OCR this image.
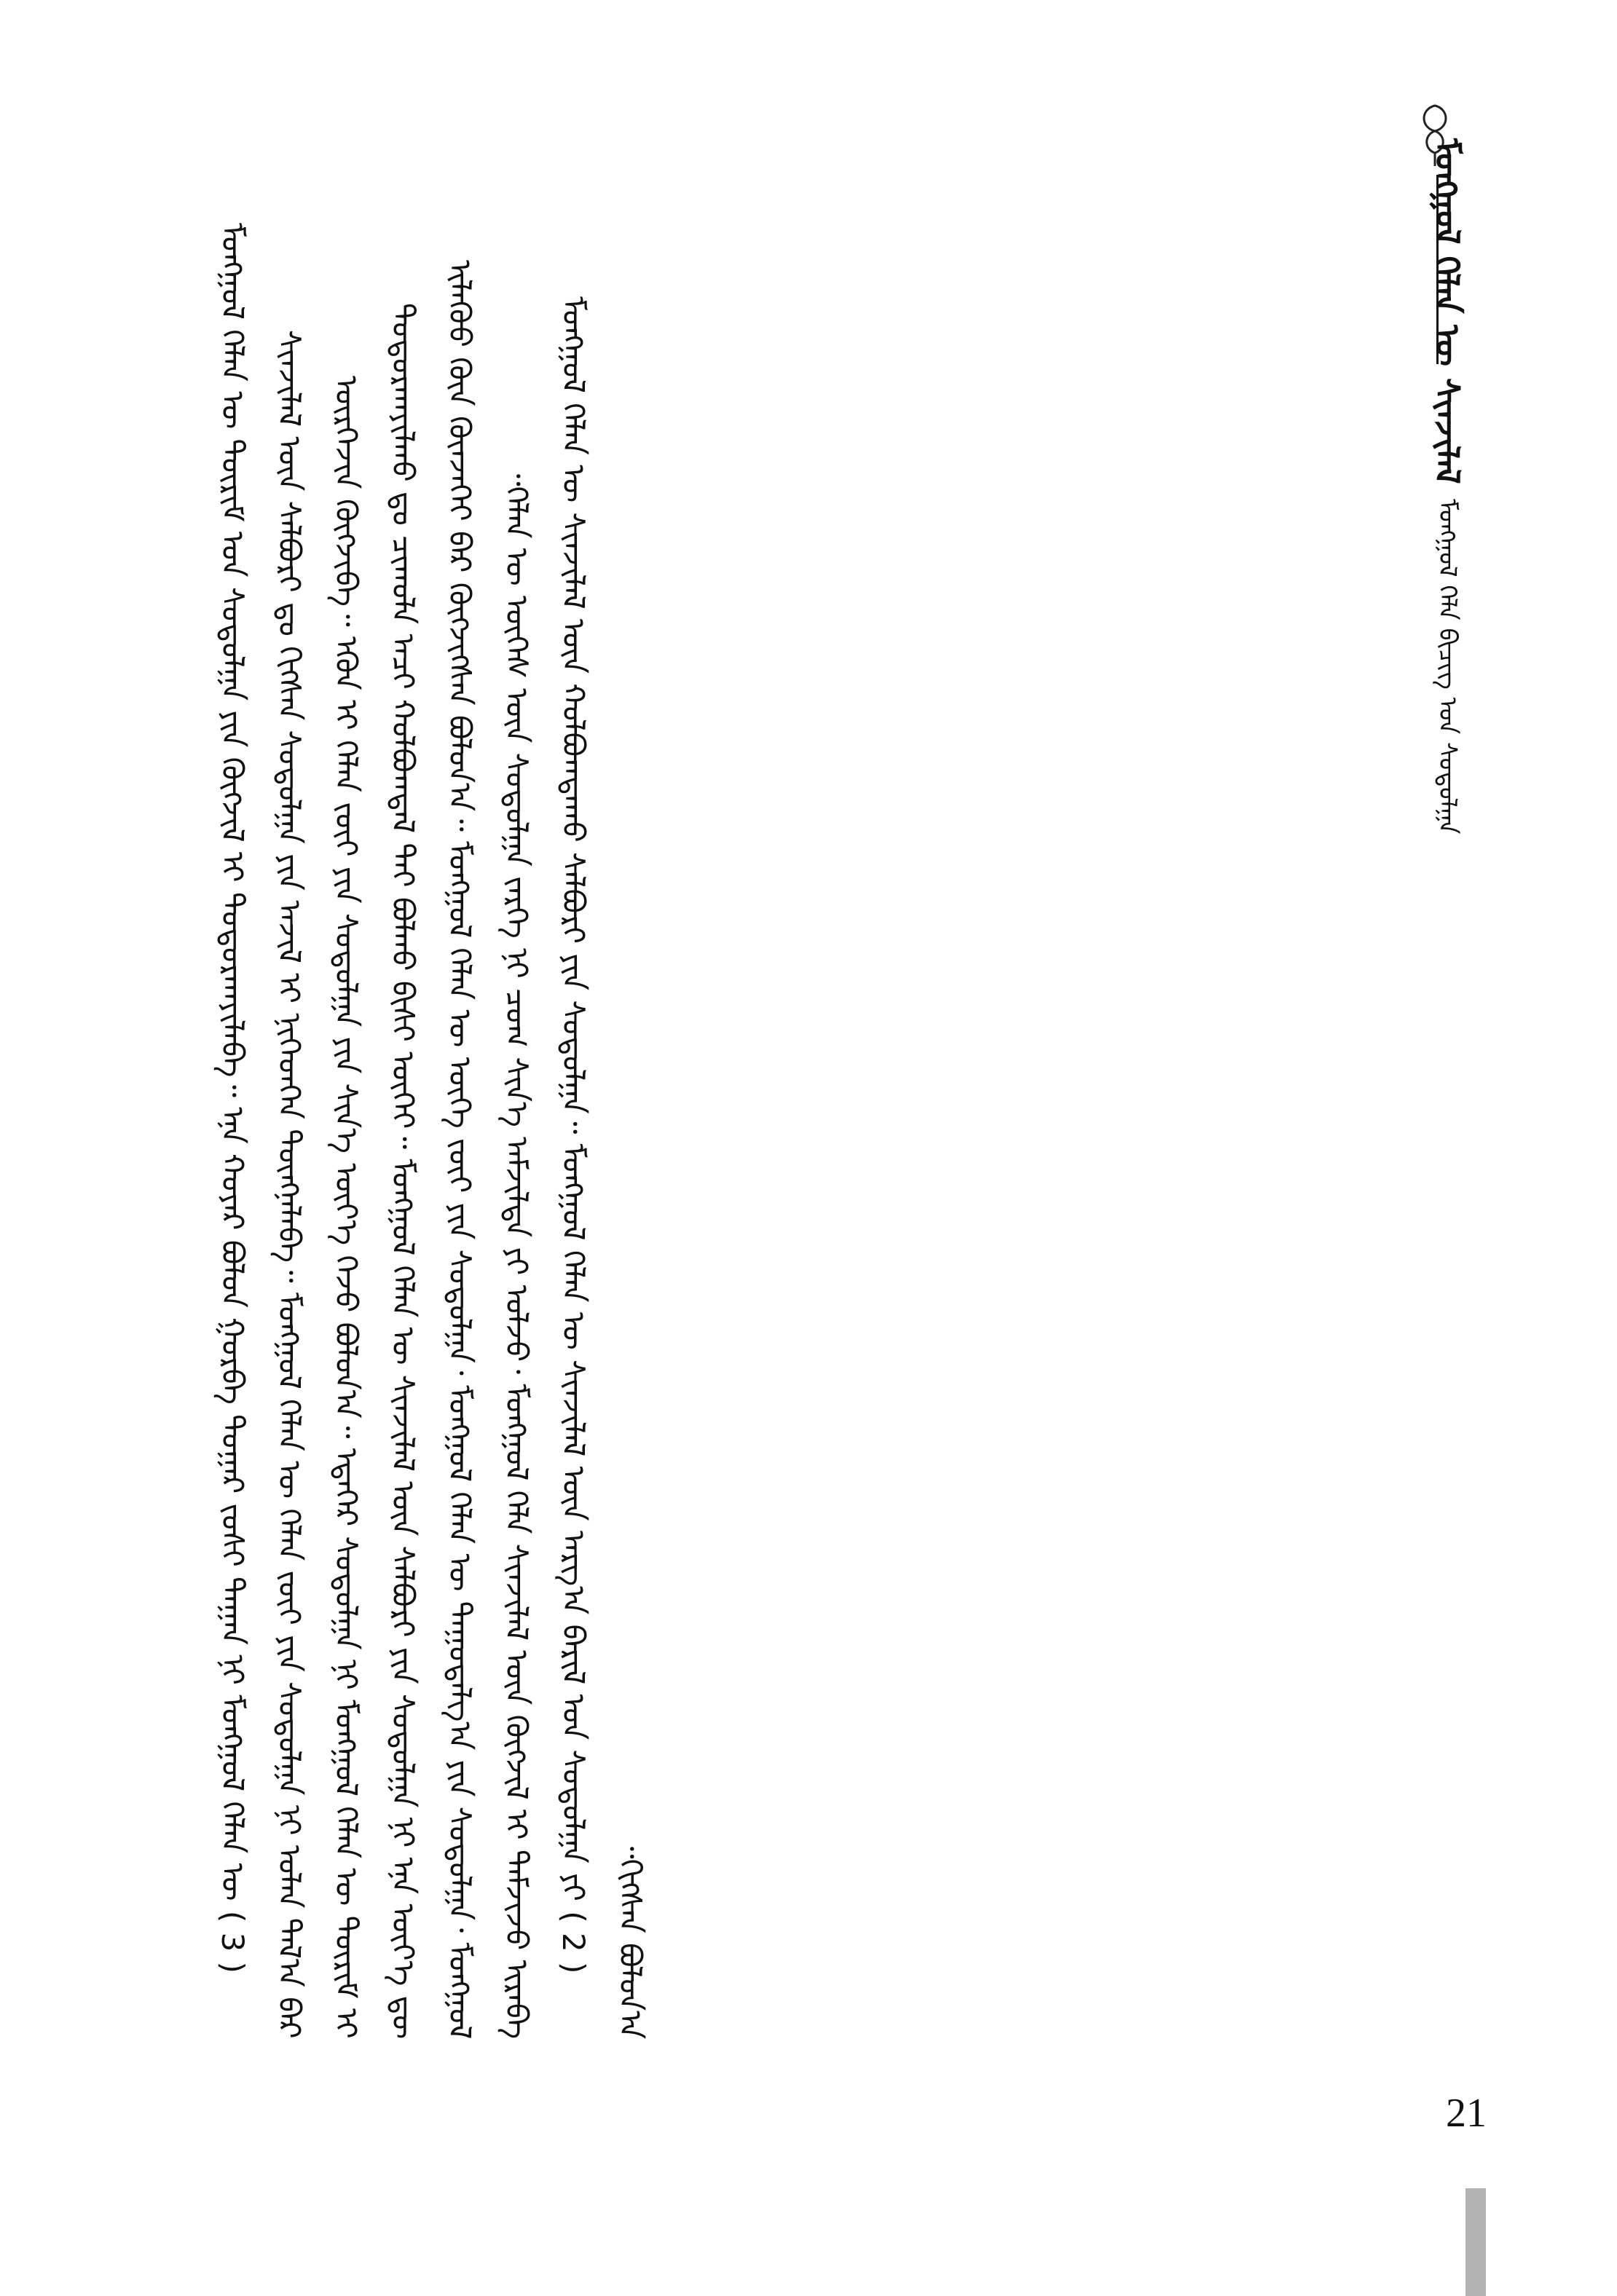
ᠮᠣᠩᠭᠣᠯ ᠬᠡᠯᠡᠨ ᠦ ᠰᠢᠨᠵᠢᠯᠡᠯ
ᠮᠣᠩᠭᠣᠯ ᠬᠡᠯᠡ ᠪᠢᠴᠢᠭ ᠤᠨ ᠰᠤᠳᠤᠯᠭᠠ

( 3 ) ᠮᠣᠩᠭᠣᠯ ᠬᠡᠯᠡᠨ ᠦ ᠳᠦᠷᠢᠮ ᠤᠨ ᠰᠤᠳᠤᠯᠭᠠ ᠶᠢᠨ ᠬᠥᠭᠵᠢᠯ ᠢ ᠲᠣᠳᠣᠷᠬᠠᠶᠢᠯᠠᠪᠠ᠃ ᠡᠨᠡ ᠬᠣᠶᠠᠷ ᠪᠣᠯᠤᠨ ᠭᠤᠷᠪᠠ ᠳᠤᠭᠠᠷ ᠵᠤᠰᠢ ᠳᠠᠭᠠᠨ ᠨᠢ ᠮᠣᠩᠭᠣᠯ ᠬᠡᠯᠡᠨ ᠦ ᠰᠢᠨᠵᠢᠯᠡᠯ ᠦᠨ ᠰᠠᠯᠪᠤᠷᠢ ᠳᠤ ᠬᠢᠭᠰᠡᠨ ᠰᠤᠳᠤᠯᠭᠠ ᠶᠢᠨ ᠠᠵᠢᠯ ᠢ ᠨᠢᠭᠡᠳᠬᠡᠨ ᠳᠦᠩᠨᠡᠯᠡᠪᠡ᠃ ᠮᠣᠩᠭᠣᠯ ᠬᠡᠯᠡᠨ ᠦ ᠬᠡᠯᠡᠨ ᠵᠦᠢ ᠶᠢᠨ ᠰᠤᠳᠤᠯᠭᠠ ᠨᠢ ᠣᠯᠠᠨ ᠲᠠᠯ᠎ᠠ ᠪᠡᠷ ᠥᠷᠭᠡᠵᠢᠨ ᠬᠥᠭᠵᠢᠪᠡ᠃ ᠡᠭᠦᠨ ᠢ ᠬᠡᠯᠡᠨ ᠵᠦᠢ ᠶᠢᠨ ᠰᠤᠳᠤᠯᠭᠠ ᠶᠢᠨ ᠰᠢᠨ᠎ᠡ ᠦᠶ᠎ᠡ ᠭᠡᠵᠦ ᠪᠣᠯᠤᠨ᠎ᠠ᠃ ᠡᠳᠡᠭᠡᠷ ᠰᠤᠳᠤᠯᠭᠠ ᠨᠢ ᠮᠣᠩᠭᠣᠯ ᠬᠡᠯᠡᠨ ᠦ ᠳᠦᠷᠢᠮ ᠢ ᠲᠣᠳᠣᠷᠬᠠᠶᠢᠯᠬᠤ ᠳᠤ ᠴᠢᠬᠤᠯᠠ ᠠᠴᠢ ᠬᠣᠯᠪᠣᠭᠳᠠᠯ ᠲᠠᠶ ᠪᠣᠯᠬᠤ ᠪᠢᠰᠢ ᠦᠭᠡᠢ᠃ ᠮᠣᠩᠭᠣᠯ ᠬᠡᠯᠡᠨ ᠦ ᠰᠢᠨᠵᠢᠯᠡᠯ ᠦᠨ ᠰᠠᠯᠪᠤᠷᠢ ᠶᠢᠨ ᠰᠤᠳᠤᠯᠭᠠ ᠨᠢ ᠡᠨᠡ ᠦᠶ᠎ᠡ ᠳᠦ ᠢᠯᠡᠭᠦᠦ ᠭᠦᠨ ᠭᠦᠨᠵᠡᠭᠡᠢ ᠪᠡᠷ ᠬᠥᠭᠵᠢᠭᠰᠡᠨ ᠪᠣᠯᠤᠨ᠎ᠠ᠃ ᠮᠣᠩᠭᠣᠯ ᠬᠡᠯᠡᠨ ᠦ ᠦᠭᠡ ᠵᠦᠢ ᠶᠢᠨ ᠰᠤᠳᠤᠯᠭᠠ᠂ ᠮᠣᠩᠭᠣᠯ ᠬᠡᠯᠡᠨ ᠦ ᠳᠠᠭᠤᠳᠠᠯᠭ᠎ᠠ ᠶᠢᠨ ᠰᠤᠳᠤᠯᠭᠠ᠂ ᠮᠣᠩᠭᠣᠯ ᠬᠡᠯᠡᠨ ᠦ ᠦᠭᠡᠰ ᠦᠨ ᠰᠤᠳᠤᠯᠭᠠ ᠵᠡᠷᠭᠡ ᠨᠢ ᠴᠤᠭ ᠰᠢᠨ᠎ᠡ ᠠᠮᠵᠢᠯᠲᠠ ᠶᠢ ᠣᠯᠵᠤ᠂ ᠮᠣᠩᠭᠣᠯ ᠬᠡᠯᠡ ᠰᠢᠨᠵᠢᠯᠡᠯ ᠦᠨ ᠬᠥᠭᠵᠢᠯ ᠢ ᠳᠡᠮᠵᠢᠵᠦ ᠢᠷᠡᠪᠡ᠃ ( 2 ) ᠮᠣᠩᠭᠣᠯ ᠬᠡᠯᠡᠨ ᠦ ᠰᠢᠨᠵᠢᠯᠡᠯ ᠦᠨ ᠬᠣᠯᠪᠣᠭᠳᠠᠬᠤ ᠰᠠᠯᠪᠤᠷᠢ ᠶᠢᠨ ᠰᠤᠳᠤᠯᠭᠠ᠃ ᠮᠣᠩᠭᠣᠯ ᠬᠡᠯᠡᠨ ᠦ ᠰᠢᠨᠵᠢᠯᠡᠯ ᠦᠨ ᠠᠷᠭ᠎ᠠ ᠪᠠᠷᠢᠯ ᠤᠨ ᠰᠤᠳᠤᠯᠭᠠ ᠶᠢ ᠬᠢᠭᠰᠡᠨ ᠪᠣᠯᠤᠨ᠎ᠠ᠃

21
